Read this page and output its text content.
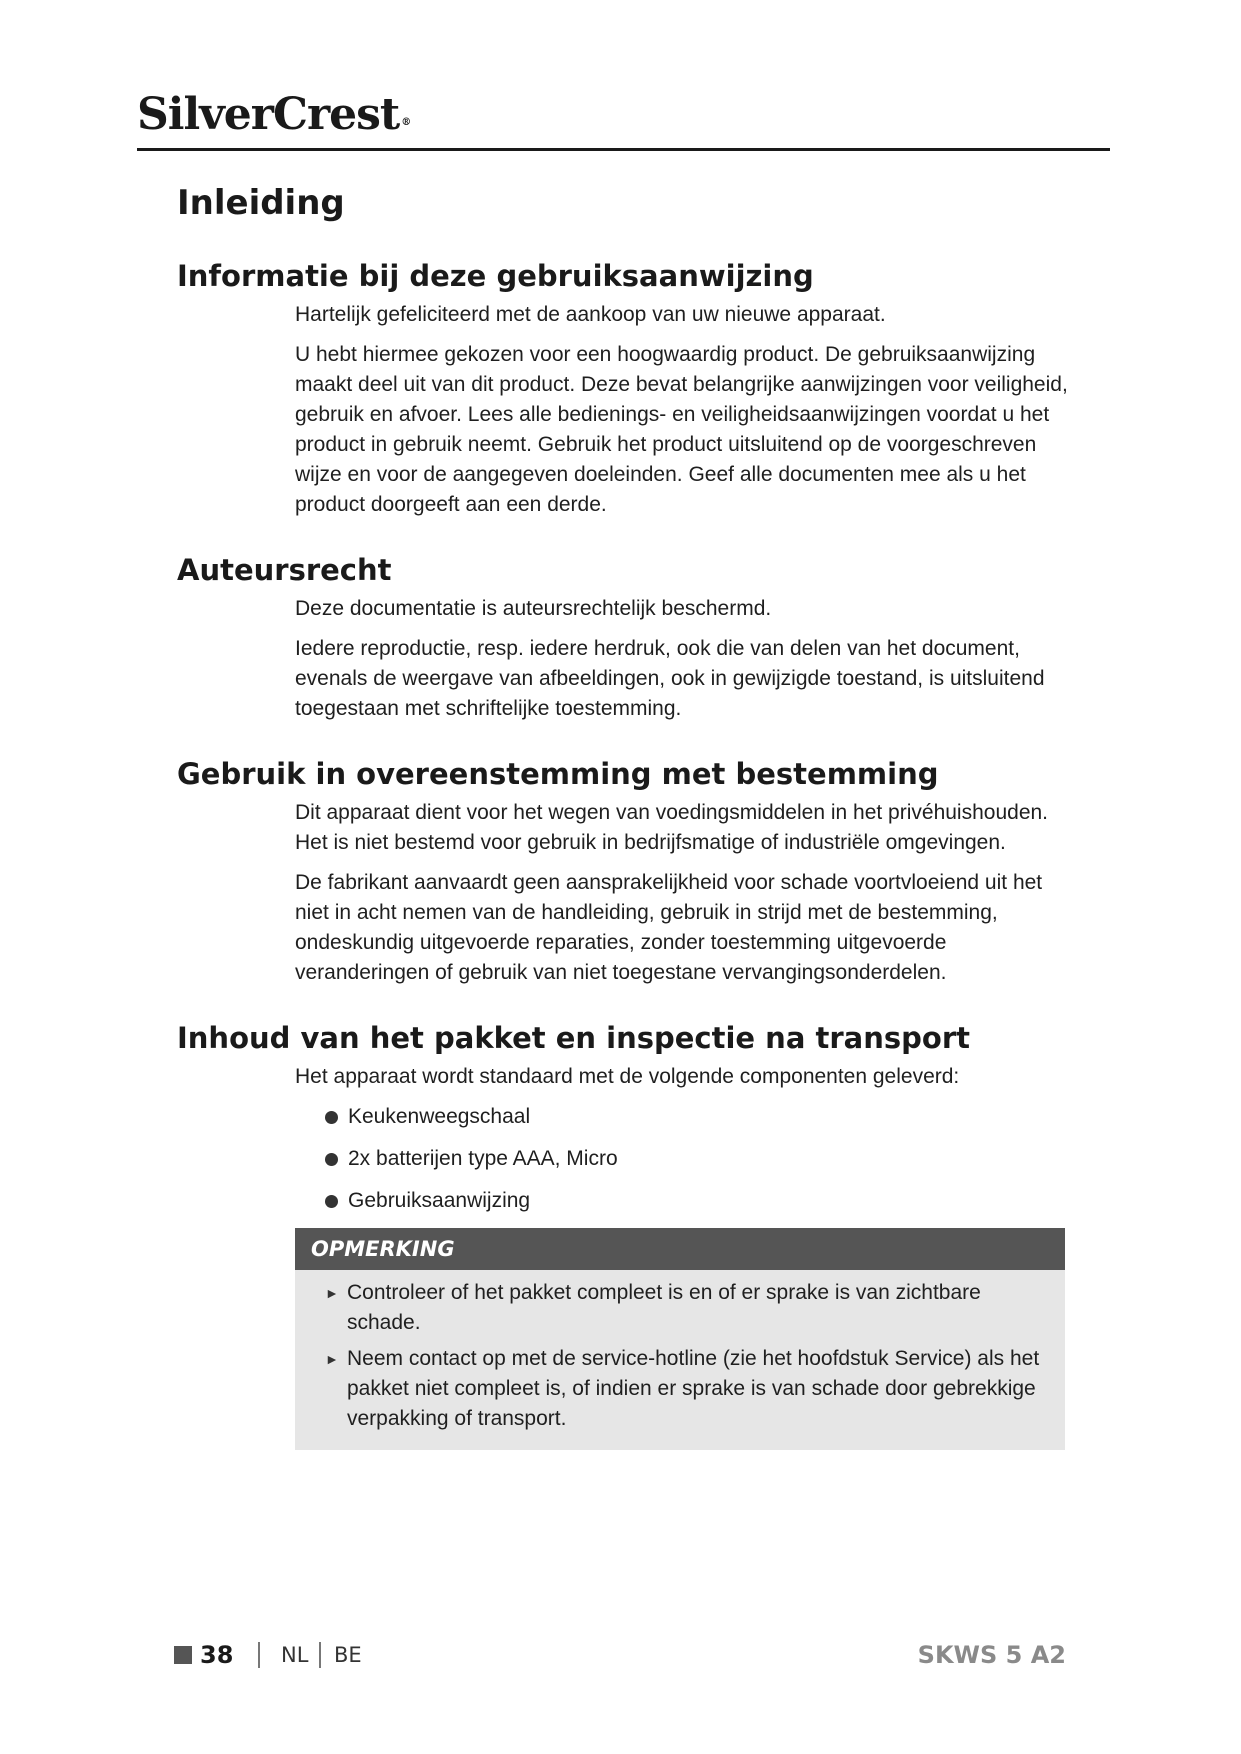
SilverCrest ®
Inleiding
Informatie bij deze gebruiksaanwijzing

Hartelijk gefeliciteerd met de aankoop van uw nieuwe apparaat.

U hebt hiermee gekozen voor een hoogwaardig product. De gebruiksaanwijzing maakt deel uit van dit product. Deze bevat belangrijke aanwijzingen voor veiligheid, gebruik en afvoer. Lees alle bedienings- en veiligheidsaanwijzingen voordat u het product in gebruik neemt. Gebruik het product uitsluitend op de voorgeschreven wijze en voor de aangegeven doeleinden. Geef alle documenten mee als u het product doorgeeft aan een derde.

Auteursrecht

Deze documentatie is auteursrechtelijk beschermd.

Iedere reproductie, resp. iedere herdruk, ook die van delen van het document, evenals de weergave van afbeeldingen, ook in gewijzigde toestand, is uitsluitend toegestaan met schriftelijke toestemming.

Gebruik in overeenstemming met bestemming

Dit apparaat dient voor het wegen van voedingsmiddelen in het privéhuishouden. Het is niet bestemd voor gebruik in bedrijfsmatige of industriële omgevingen.

De fabrikant aanvaardt geen aansprakelijkheid voor schade voortvloeiend uit het niet in acht nemen van de handleiding, gebruik in strijd met de bestemming, ondeskundig uitgevoerde reparaties, zonder toestemming uitgevoerde veranderingen of gebruik van niet toegestane vervangingsonderdelen.

Inhoud van het pakket en inspectie na transport

Het apparaat wordt standaard met de volgende componenten geleverd:

Keukenweegschaal
2x batterijen type AAA, Micro
Gebruiksaanwijzing
OPMERKING
► Controleer of het pakket compleet is en of er sprake is van zichtbare schade.
► Neem contact op met de service-hotline (zie het hoofdstuk Service) als het pakket niet compleet is, of indien er sprake is van schade door gebrekkige verpakking of transport.
38 NL BE	SKWS 5 A2
